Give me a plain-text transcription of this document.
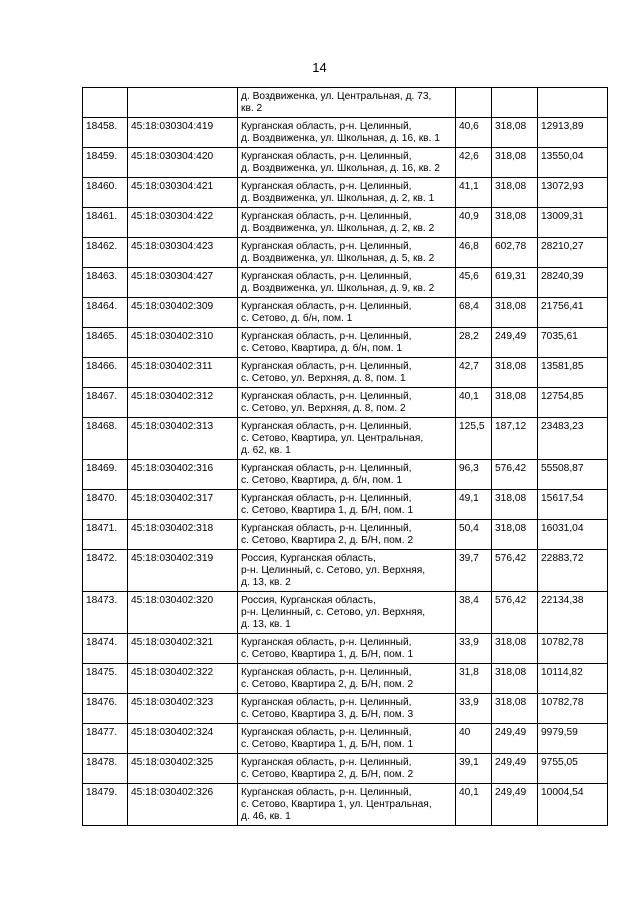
14

		д. Воздвиженка, ул. Центральная, д. 73,
кв. 2			

18458.	45:18:030304:419	Курганская область, р-н. Целинный,
д. Воздвиженка, ул. Школьная, д. 16, кв. 1	40,6	318,08	12913,89
18459.	45:18:030304:420	Курганская область, р-н. Целинный,
д. Воздвиженка, ул. Школьная, д. 16, кв. 2	42,6	318,08	13550,04
18460.	45:18:030304:421	Курганская область, р-н. Целинный,
д. Воздвиженка, ул. Школьная, д. 2, кв. 1	41,1	318,08	13072,93
18461.	45:18:030304:422	Курганская область, р-н. Целинный,
д. Воздвиженка, ул. Школьная, д. 2, кв. 2	40,9	318,08	13009,31
18462.	45:18:030304:423	Курганская область, р-н. Целинный,
д. Воздвиженка, ул. Школьная, д. 5, кв. 2	46,8	602,78	28210,27
18463.	45:18:030304:427	Курганская область, р-н. Целинный,
д. Воздвиженка, ул. Школьная, д. 9, кв. 2	45,6	619,31	28240,39
18464.	45:18:030402:309	Курганская область, р-н. Целинный,
с. Сетово, д. б/н, пом. 1	68,4	318,08	21756,41
18465.	45:18:030402:310	Курганская область, р-н. Целинный,
с. Сетово, Квартира, д. б/н, пом. 1	28,2	249,49	7035,61
18466.	45:18:030402:311	Курганская область, р-н. Целинный,
с. Сетово, ул. Верхняя, д. 8, пом. 1	42,7	318,08	13581,85
18467.	45:18:030402:312	Курганская область, р-н. Целинный,
с. Сетово, ул. Верхняя, д. 8, пом. 2	40,1	318,08	12754,85
18468.	45:18:030402:313	Курганская область, р-н. Целинный,
с. Сетово, Квартира, ул. Центральная,
д. 62, кв. 1	125,5	187,12	23483,23
18469.	45:18:030402:316	Курганская область, р-н. Целинный,
с. Сетово, Квартира, д. б/н, пом. 1	96,3	576,42	55508,87
18470.	45:18:030402:317	Курганская область, р-н. Целинный,
с. Сетово, Квартира 1, д. Б/Н, пом. 1	49,1	318,08	15617,54
18471.	45:18:030402:318	Курганская область, р-н. Целинный,
с. Сетово, Квартира 2, д. Б/Н, пом. 2	50,4	318,08	16031,04
18472.	45:18:030402:319	Россия, Курганская область,
р-н. Целинный, с. Сетово, ул. Верхняя,
д. 13, кв. 2	39,7	576,42	22883,72
18473.	45:18:030402:320	Россия, Курганская область,
р-н. Целинный, с. Сетово, ул. Верхняя,
д. 13, кв. 1	38,4	576,42	22134,38
18474.	45:18:030402:321	Курганская область, р-н. Целинный,
с. Сетово, Квартира 1, д. Б/Н, пом. 1	33,9	318,08	10782,78
18475.	45:18:030402:322	Курганская область, р-н. Целинный,
с. Сетово, Квартира 2, д. Б/Н, пом. 2	31,8	318,08	10114,82
18476.	45:18:030402:323	Курганская область, р-н. Целинный,
с. Сетово, Квартира 3, д. Б/Н, пом. 3	33,9	318,08	10782,78
18477.	45:18:030402:324	Курганская область, р-н. Целинный,
с. Сетово, Квартира 1, д. Б/Н, пом. 1	40	249,49	9979,59
18478.	45:18:030402:325	Курганская область, р-н. Целинный,
с. Сетово, Квартира 2, д. Б/Н, пом. 2	39,1	249,49	9755,05
18479.	45:18:030402:326	Курганская область, р-н. Целинный,
с. Сетово, Квартира 1, ул. Центральная,
д. 46, кв. 1	40,1	249,49	10004,54
